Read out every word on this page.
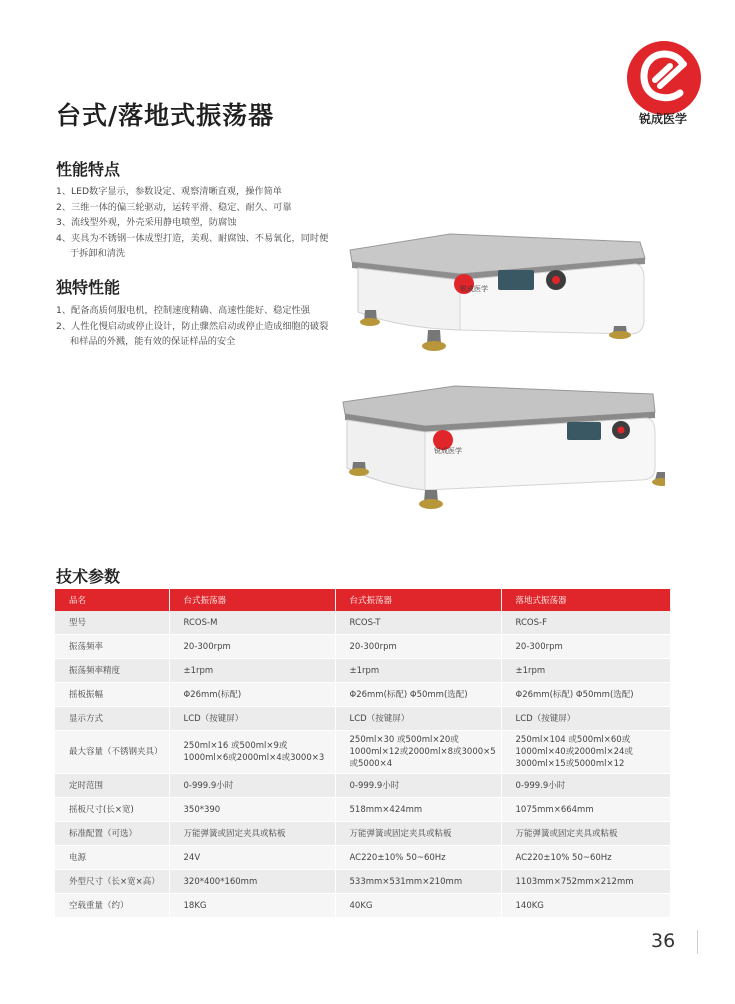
锐成医学
台式/落地式振荡器
性能特点
1、LED数字显示，参数设定、观察清晰直观，操作简单
2、三维一体的偏三轮驱动，运转平滑、稳定、耐久、可靠
3、流线型外观，外壳采用静电喷塑，防腐蚀
4、夹具为不锈钢一体成型打造，美观、耐腐蚀、不易氧化，同时便于拆卸和清洗
独特性能
1、配备高质伺服电机，控制速度精确、高速性能好、稳定性强
2、人性化慢启动或停止设计，防止骤然启动或停止造成细胞的破裂和样品的外溅，能有效的保证样品的安全
锐成医学
锐成医学
技术参数
品名	台式振荡器	台式振荡器	落地式振荡器
型号	RCOS-M	RCOS-T	RCOS-F
振荡频率	20-300rpm	20-300rpm	20-300rpm
振荡频率精度	±1rpm	±1rpm	±1rpm
摇板振幅	Φ26mm(标配)	Φ26mm(标配) Φ50mm(选配)	Φ26mm(标配) Φ50mm(选配)
显示方式	LCD（按键屏）	LCD（按键屏）	LCD（按键屏）
最大容量（不锈钢夹具）	250ml×16 或500ml×9或1000ml×6或2000ml×4或3000×3	250ml×30 或500ml×20或1000ml×12或2000ml×8或3000×5或5000×4	250ml×104 或500ml×60或1000ml×40或2000ml×24或3000ml×15或5000ml×12
定时范围	0-999.9小时	0-999.9小时	0-999.9小时
摇板尺寸(长×宽)	350*390	518mm×424mm	1075mm×664mm
标准配置（可选）	万能弹簧或固定夹具或粘板	万能弹簧或固定夹具或粘板	万能弹簧或固定夹具或粘板
电源	24V	AC220±10% 50~60Hz	AC220±10% 50~60Hz
外型尺寸（长×宽×高）	320*400*160mm	533mm×531mm×210mm	1103mm×752mm×212mm
空载重量（约）	18KG	40KG	140KG
36
